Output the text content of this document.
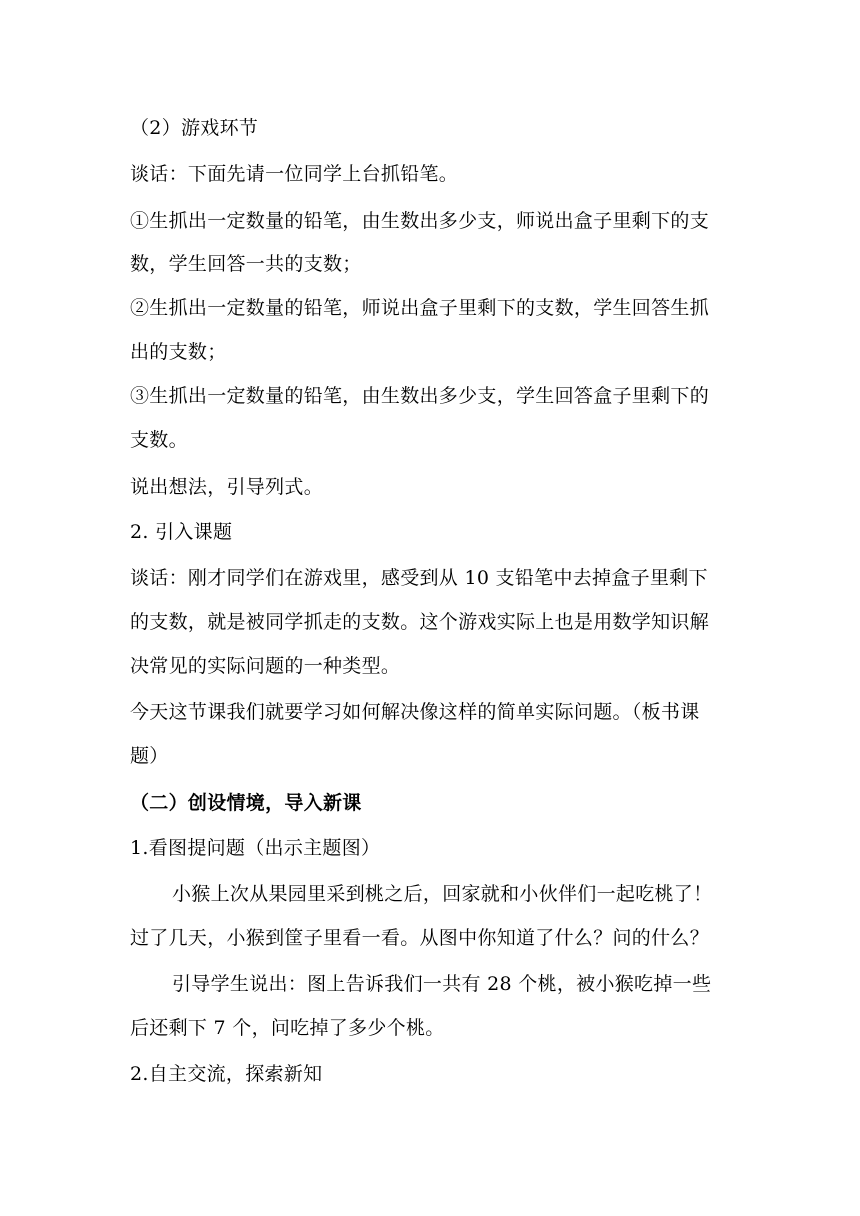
（2）游戏环节
谈话：下面先请一位同学上台抓铅笔。
①生抓出一定数量的铅笔，由生数出多少支，师说出盒子里剩下的支
数，学生回答一共的支数；
②生抓出一定数量的铅笔，师说出盒子里剩下的支数，学生回答生抓
出的支数；
③生抓出一定数量的铅笔，由生数出多少支，学生回答盒子里剩下的
支数。
说出想法，引导列式。
2. 引入课题
谈话：刚才同学们在游戏里，感受到从 10 支铅笔中去掉盒子里剩下
的支数，就是被同学抓走的支数。这个游戏实际上也是用数学知识解
决常见的实际问题的一种类型。
今天这节课我们就要学习如何解决像这样的简单实际问题。（板书课
题）
（二）创设情境，导入新课
1.看图提问题（出示主题图）
小猴上次从果园里采到桃之后，回家就和小伙伴们一起吃桃了！
过了几天，小猴到筐子里看一看。从图中你知道了什么？问的什么？
引导学生说出：图上告诉我们一共有 28 个桃，被小猴吃掉一些
后还剩下 7 个，问吃掉了多少个桃。
2.自主交流，探索新知
